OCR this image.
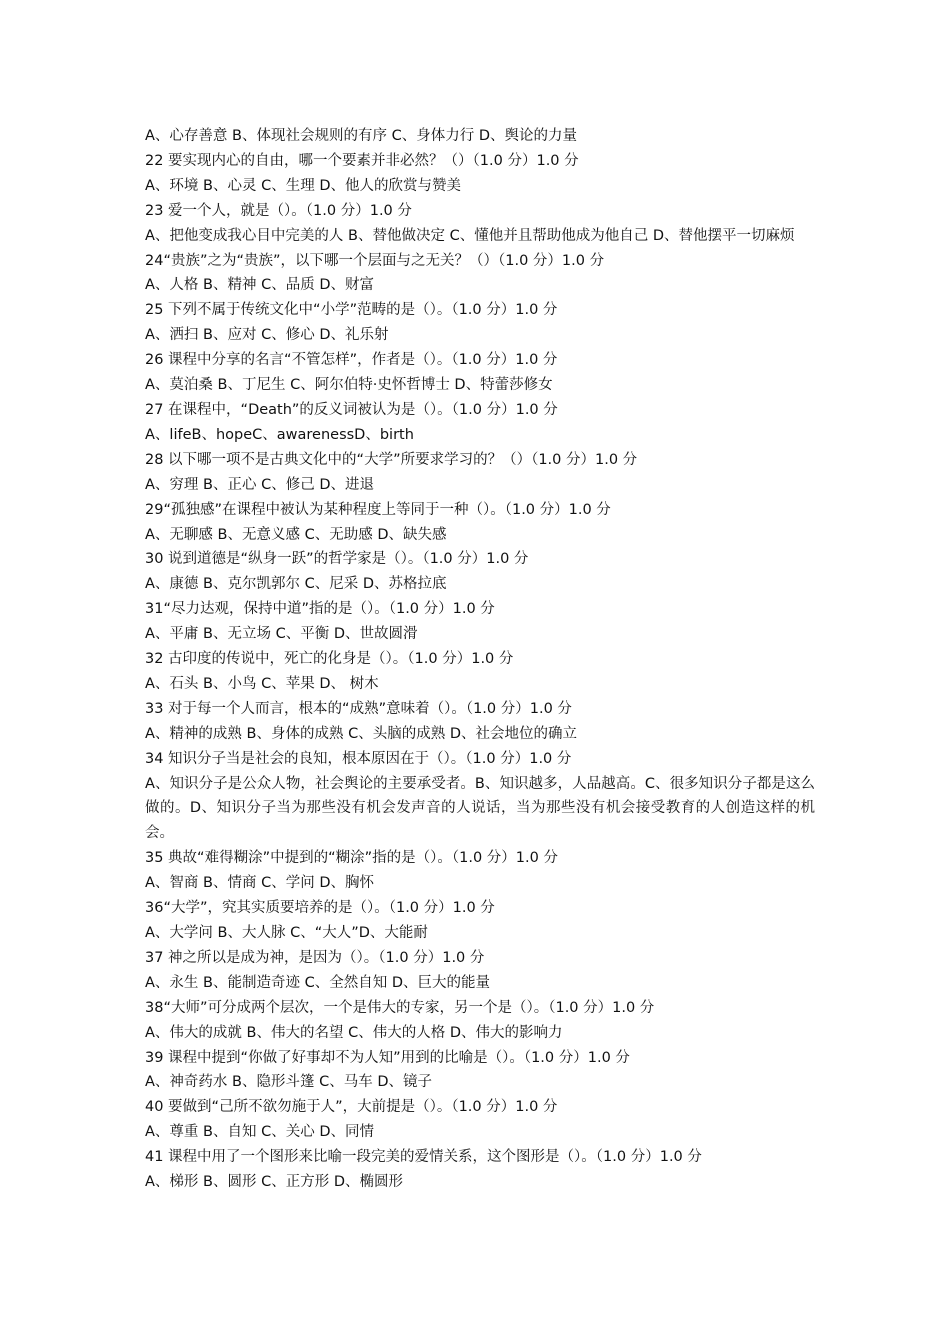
A、心存善意 B、体现社会规则的有序 C、身体力行 D、舆论的力量
22 要实现内心的自由，哪一个要素并非必然？（）（1.0 分）1.0 分
A、环境 B、心灵 C、生理 D、他人的欣赏与赞美
23 爱一个人，就是（）。（1.0 分）1.0 分
A、把他变成我心目中完美的人 B、替他做决定 C、懂他并且帮助他成为他自己 D、替他摆平一切麻烦
24“贵族”之为“贵族”，以下哪一个层面与之无关？（）（1.0 分）1.0 分
A、人格 B、精神 C、品质 D、财富
25 下列不属于传统文化中“小学”范畴的是（）。（1.0 分）1.0 分
A、洒扫 B、应对 C、修心 D、礼乐射
26 课程中分享的名言“不管怎样”，作者是（）。（1.0 分）1.0 分
A、莫泊桑 B、丁尼生 C、阿尔伯特·史怀哲博士 D、特蕾莎修女
27 在课程中，“Death”的反义词被认为是（）。（1.0 分）1.0 分
A、lifeB、hopeC、awarenessD、birth
28 以下哪一项不是古典文化中的“大学”所要求学习的？（）（1.0 分）1.0 分
A、穷理 B、正心 C、修己 D、进退
29“孤独感”在课程中被认为某种程度上等同于一种（）。（1.0 分）1.0 分
A、无聊感 B、无意义感 C、无助感 D、缺失感
30 说到道德是“纵身一跃”的哲学家是（）。（1.0 分）1.0 分
A、康德 B、克尔凯郭尔 C、尼采 D、苏格拉底
31“尽力达观，保持中道”指的是（）。（1.0 分）1.0 分
A、平庸 B、无立场 C、平衡 D、世故圆滑
32 古印度的传说中，死亡的化身是（）。（1.0 分）1.0 分
A、石头 B、小鸟 C、苹果 D、 树木
33 对于每一个人而言，根本的“成熟”意味着（）。（1.0 分）1.0 分
A、精神的成熟 B、身体的成熟 C、头脑的成熟 D、社会地位的确立
34 知识分子当是社会的良知，根本原因在于（）。（1.0 分）1.0 分
A、知识分子是公众人物，社会舆论的主要承受者。B、知识越多，人品越高。C、很多知识分子都是这么做的。D、知识分子当为那些没有机会发声音的人说话，当为那些没有机会接受教育的人创造这样的机会。
35 典故“难得糊涂”中提到的“糊涂”指的是（）。（1.0 分）1.0 分
A、智商 B、情商 C、学问 D、胸怀
36“大学”，究其实质要培养的是（）。（1.0 分）1.0 分
A、大学问 B、大人脉 C、“大人”D、大能耐
37 神之所以是成为神，是因为（）。（1.0 分）1.0 分
A、永生 B、能制造奇迹 C、全然自知 D、巨大的能量
38“大师”可分成两个层次，一个是伟大的专家，另一个是（）。（1.0 分）1.0 分
A、伟大的成就 B、伟大的名望 C、伟大的人格 D、伟大的影响力
39 课程中提到“你做了好事却不为人知”用到的比喻是（）。（1.0 分）1.0 分
A、神奇药水 B、隐形斗篷 C、马车 D、镜子
40 要做到“己所不欲勿施于人”，大前提是（）。（1.0 分）1.0 分
A、尊重 B、自知 C、关心 D、同情
41 课程中用了一个图形来比喻一段完美的爱情关系，这个图形是（）。（1.0 分）1.0 分
A、梯形 B、圆形 C、正方形 D、椭圆形
